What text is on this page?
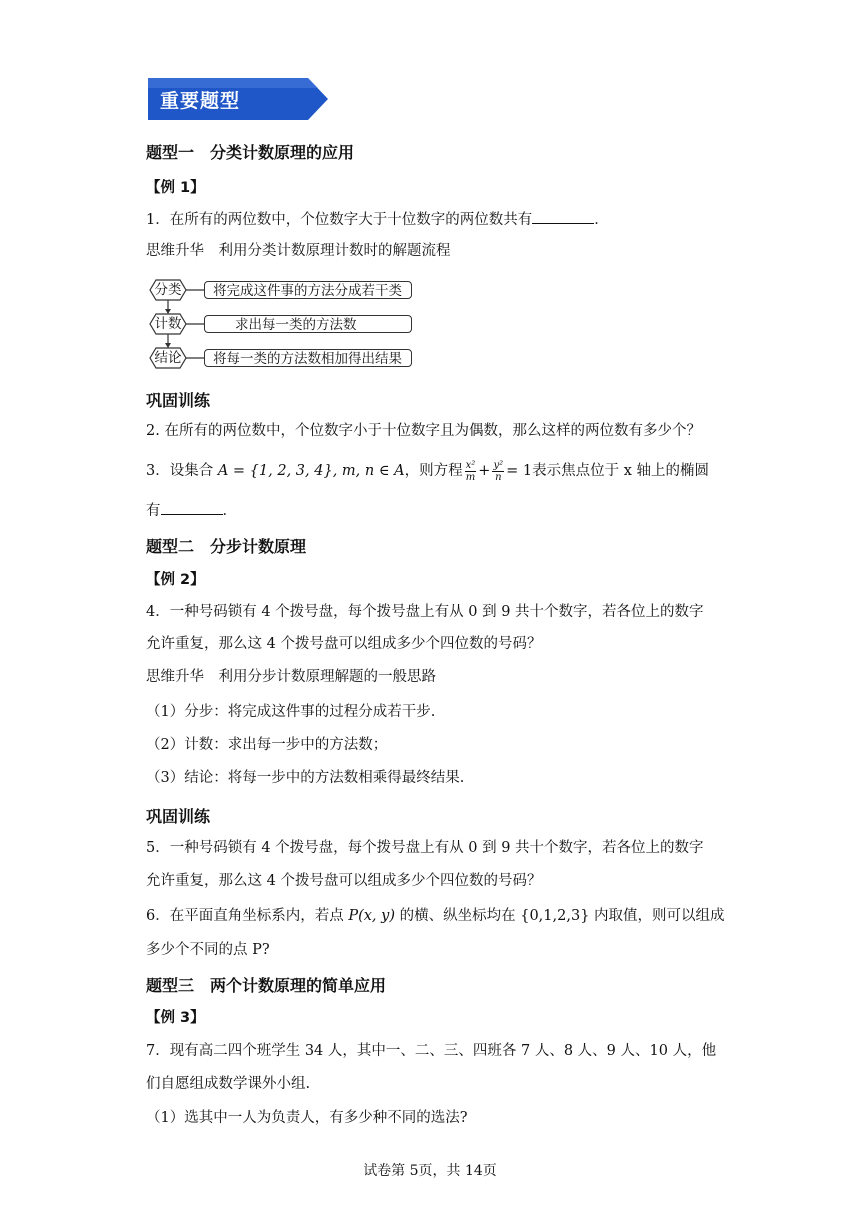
重要题型
题型一　分类计数原理的应用
【例 1】
1．在所有的两位数中，个位数字大于十位数字的两位数共有	．
思维升华　利用分类计数原理计数时的解题流程
分类
计数
结论
将完成这件事的方法分成若干类
求出每一类的方法数
将每一类的方法数相加得出结果
巩固训练
2. 在所有的两位数中，个位数字小于十位数字且为偶数，那么这样的两位数有多少个？
3．设集合 A = {1, 2, 3, 4}, m, n ∈ A，则方程 $\frac{\text{x²}}{m} + \frac{\text{y²}}{n} = 1$表示焦点位于 x 轴上的椭圆
有	．
题型二　分步计数原理
【例 2】
4．一种号码锁有 4 个拨号盘，每个拨号盘上有从 0 到 9 共十个数字，若各位上的数字
允许重复，那么这 4 个拨号盘可以组成多少个四位数的号码？
思维升华　利用分步计数原理解题的一般思路
（1）分步：将完成这件事的过程分成若干步.
（2）计数：求出每一步中的方法数；
（3）结论：将每一步中的方法数相乘得最终结果.
巩固训练
5．一种号码锁有 4 个拨号盘，每个拨号盘上有从 0 到 9 共十个数字，若各位上的数字
允许重复，那么这 4 个拨号盘可以组成多少个四位数的号码？
6．在平面直角坐标系内，若点 P(x, y) 的横、纵坐标均在 {0,1,2,3} 内取值，则可以组成
多少个不同的点 P?
题型三　两个计数原理的简单应用
【例 3】
7．现有高二四个班学生 34 人，其中一、二、三、四班各 7 人、8 人、9 人、10 人，他
们自愿组成数学课外小组.
（1）选其中一人为负责人，有多少种不同的选法?
试卷第 5页，共 14页
